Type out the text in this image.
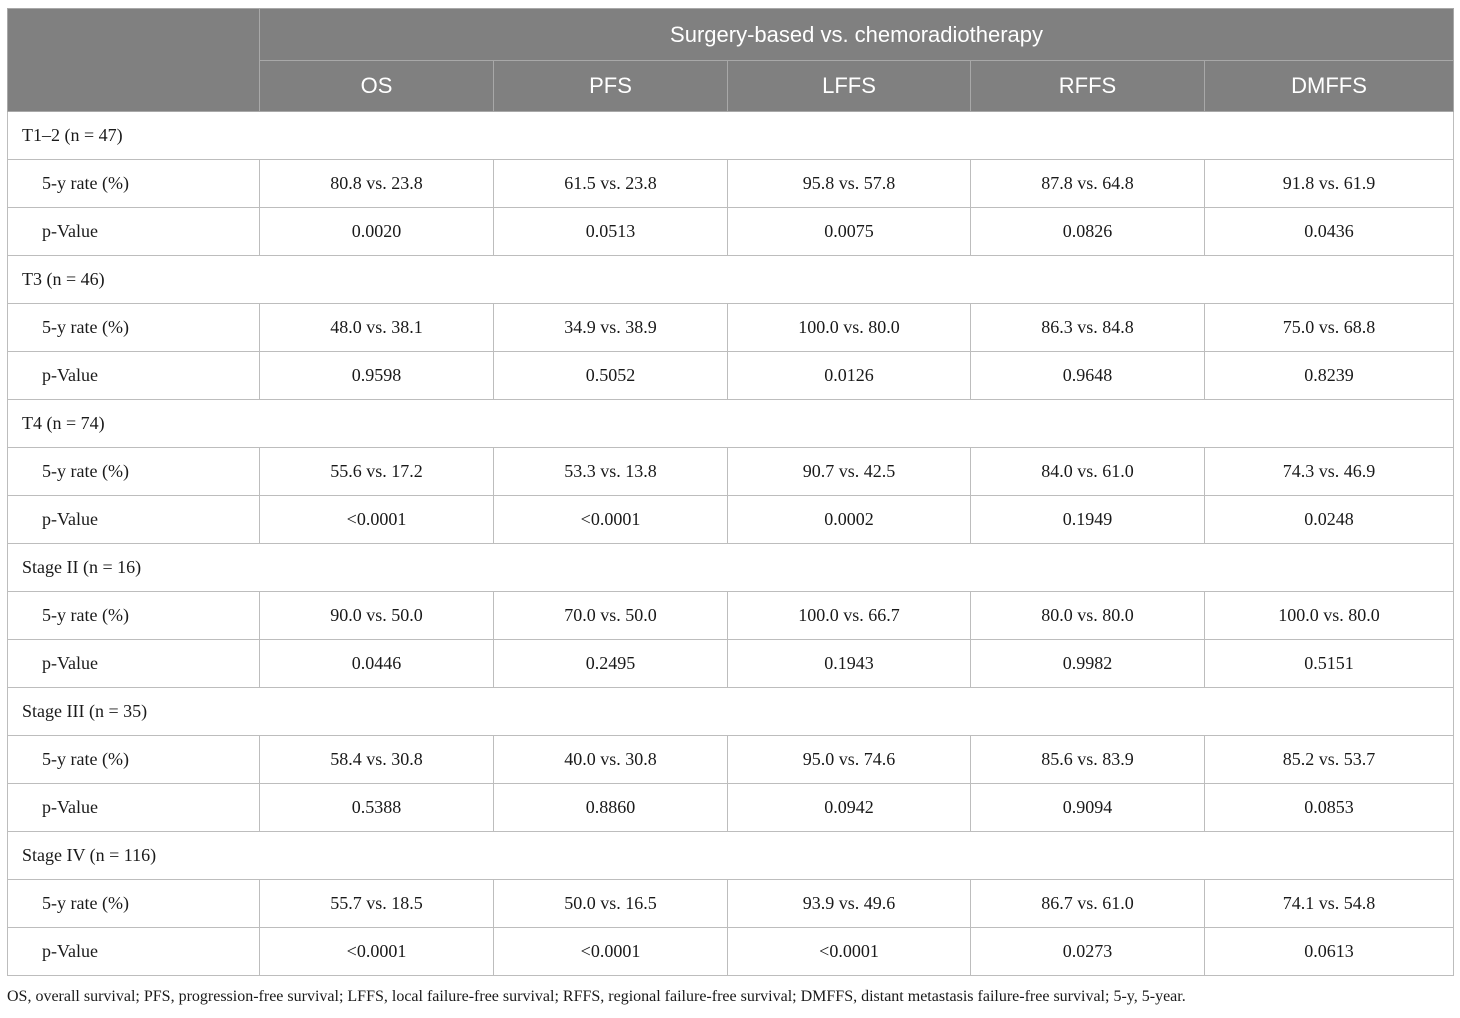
	Surgery-based vs. chemoradiotherapy				
	OS	PFS	LFFS	RFFS	DMFFS
T1–2 (n = 47)					
5-y rate (%)	80.8 vs. 23.8	61.5 vs. 23.8	95.8 vs. 57.8	87.8 vs. 64.8	91.8 vs. 61.9
p-Value	0.0020	0.0513	0.0075	0.0826	0.0436
T3 (n = 46)					
5-y rate (%)	48.0 vs. 38.1	34.9 vs. 38.9	100.0 vs. 80.0	86.3 vs. 84.8	75.0 vs. 68.8
p-Value	0.9598	0.5052	0.0126	0.9648	0.8239
T4 (n = 74)					
5-y rate (%)	55.6 vs. 17.2	53.3 vs. 13.8	90.7 vs. 42.5	84.0 vs. 61.0	74.3 vs. 46.9
p-Value	<0.0001	<0.0001	0.0002	0.1949	0.0248
Stage II (n = 16)					
5-y rate (%)	90.0 vs. 50.0	70.0 vs. 50.0	100.0 vs. 66.7	80.0 vs. 80.0	100.0 vs. 80.0
p-Value	0.0446	0.2495	0.1943	0.9982	0.5151
Stage III (n = 35)					
5-y rate (%)	58.4 vs. 30.8	40.0 vs. 30.8	95.0 vs. 74.6	85.6 vs. 83.9	85.2 vs. 53.7
p-Value	0.5388	0.8860	0.0942	0.9094	0.0853
Stage IV (n = 116)					
5-y rate (%)	55.7 vs. 18.5	50.0 vs. 16.5	93.9 vs. 49.6	86.7 vs. 61.0	74.1 vs. 54.8
p-Value	<0.0001	<0.0001	<0.0001	0.0273	0.0613
OS, overall survival; PFS, progression-free survival; LFFS, local failure-free survival; RFFS, regional failure-free survival; DMFFS, distant metastasis failure-free survival; 5-y, 5-year.
